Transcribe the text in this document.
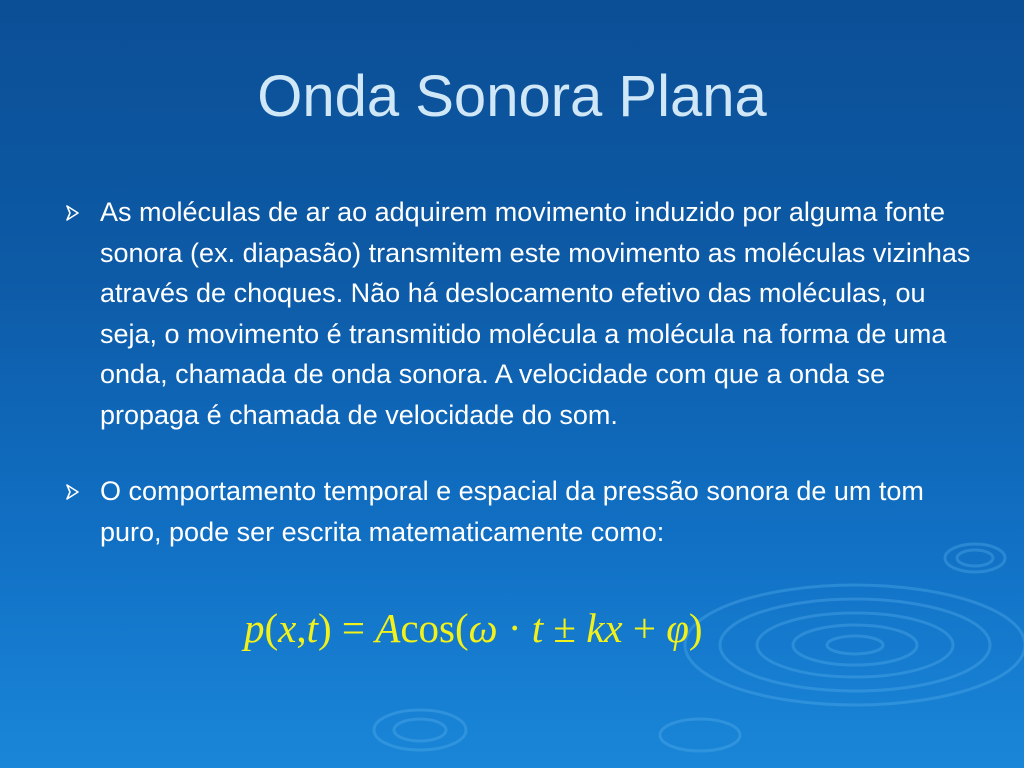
Onda Sonora Plana
As moléculas de ar ao adquirem movimento induzido por alguma fonte sonora (ex. diapasão) transmitem este movimento as moléculas vizinhas através de choques. Não há deslocamento efetivo das moléculas, ou seja, o movimento é transmitido molécula a molécula na forma de uma onda, chamada de onda sonora. A velocidade com que a onda se propaga é chamada de velocidade do som.
O comportamento temporal e espacial da pressão sonora de um tom puro, pode ser escrita matematicamente como:
p(x,t) = Acos(ω · t ± kx + φ)
